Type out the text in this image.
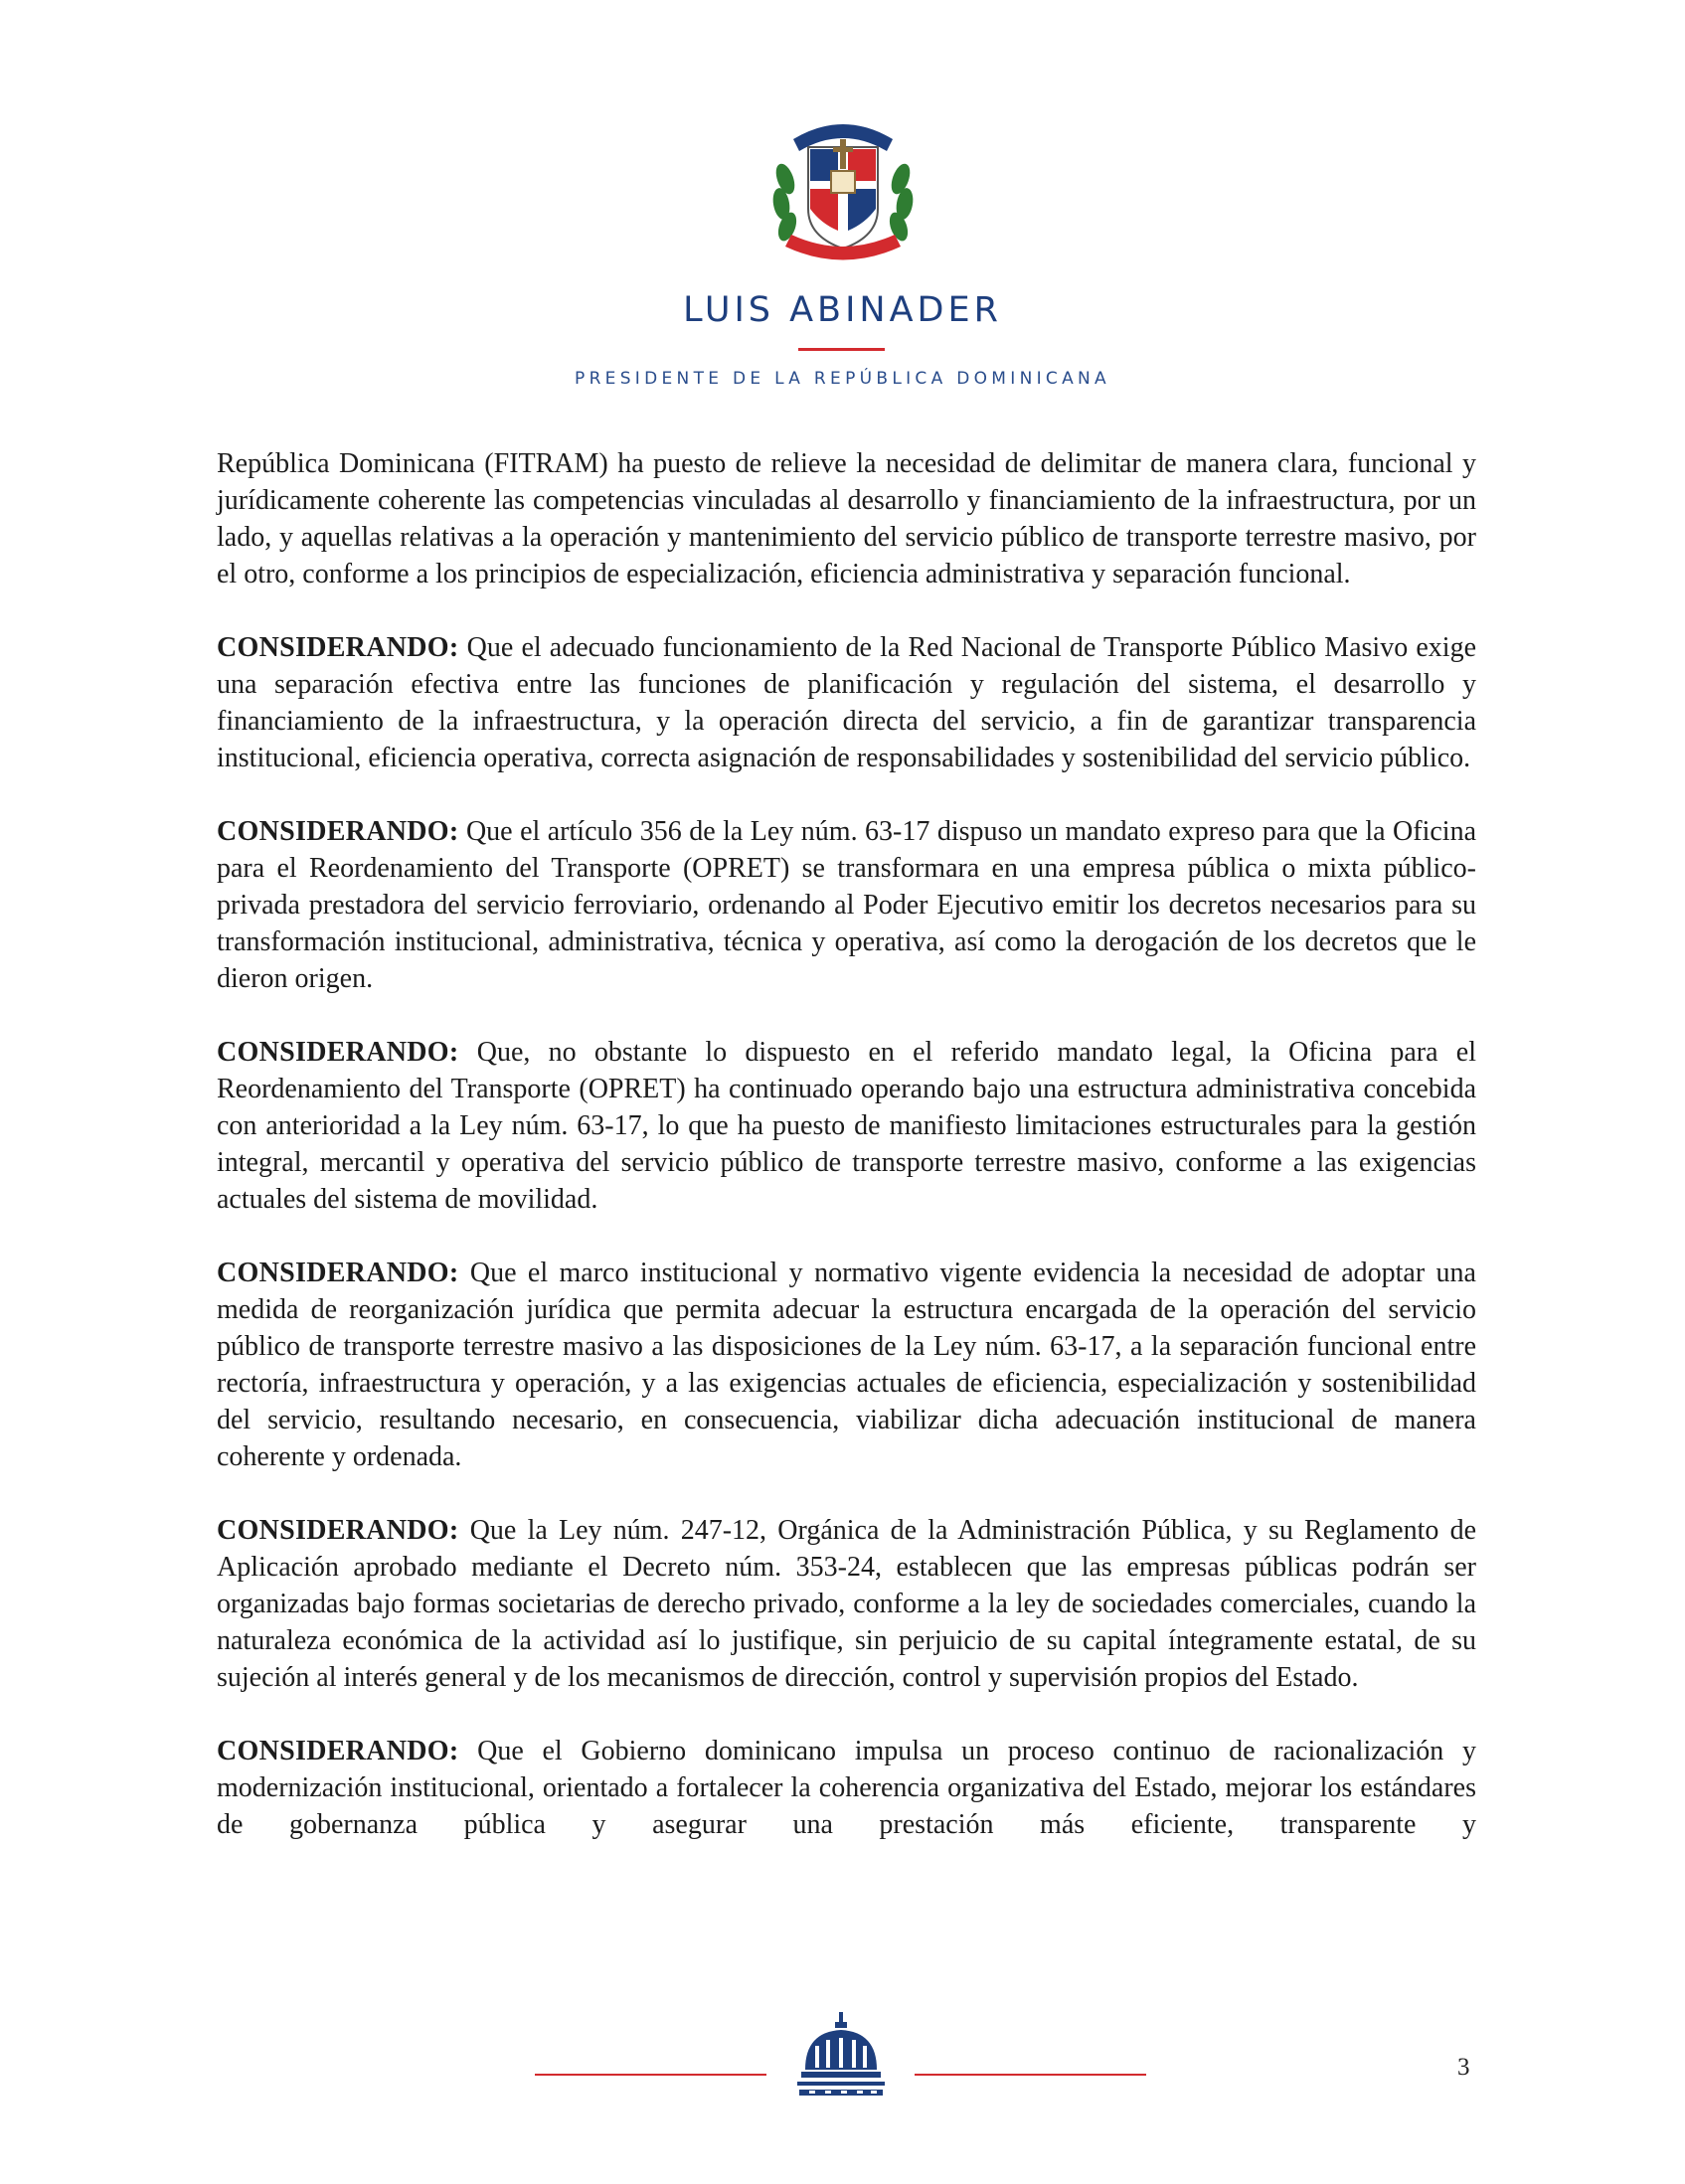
LUIS ABINADER
PRESIDENTE DE LA REPÚBLICA DOMINICANA

República Dominicana (FITRAM) ha puesto de relieve la necesidad de delimitar de manera clara, funcional y jurídicamente coherente las competencias vinculadas al desarrollo y financiamiento de la infraestructura, por un lado, y aquellas relativas a la operación y mantenimiento del servicio público de transporte terrestre masivo, por el otro, conforme a los principios de especialización, eficiencia administrativa y separación funcional.

CONSIDERANDO: Que el adecuado funcionamiento de la Red Nacional de Transporte Público Masivo exige una separación efectiva entre las funciones de planificación y regulación del sistema, el desarrollo y financiamiento de la infraestructura, y la operación directa del servicio, a fin de garantizar transparencia institucional, eficiencia operativa, correcta asignación de responsabilidades y sostenibilidad del servicio público.

CONSIDERANDO: Que el artículo 356 de la Ley núm. 63-17 dispuso un mandato expreso para que la Oficina para el Reordenamiento del Transporte (OPRET) se transformara en una empresa pública o mixta público-privada prestadora del servicio ferroviario, ordenando al Poder Ejecutivo emitir los decretos necesarios para su transformación institucional, administrativa, técnica y operativa, así como la derogación de los decretos que le dieron origen.

CONSIDERANDO: Que, no obstante lo dispuesto en el referido mandato legal, la Oficina para el Reordenamiento del Transporte (OPRET) ha continuado operando bajo una estructura administrativa concebida con anterioridad a la Ley núm. 63-17, lo que ha puesto de manifiesto limitaciones estructurales para la gestión integral, mercantil y operativa del servicio público de transporte terrestre masivo, conforme a las exigencias actuales del sistema de movilidad.

CONSIDERANDO: Que el marco institucional y normativo vigente evidencia la necesidad de adoptar una medida de reorganización jurídica que permita adecuar la estructura encargada de la operación del servicio público de transporte terrestre masivo a las disposiciones de la Ley núm. 63-17, a la separación funcional entre rectoría, infraestructura y operación, y a las exigencias actuales de eficiencia, especialización y sostenibilidad del servicio, resultando necesario, en consecuencia, viabilizar dicha adecuación institucional de manera coherente y ordenada.

CONSIDERANDO: Que la Ley núm. 247-12, Orgánica de la Administración Pública, y su Reglamento de Aplicación aprobado mediante el Decreto núm. 353-24, establecen que las empresas públicas podrán ser organizadas bajo formas societarias de derecho privado, conforme a la ley de sociedades comerciales, cuando la naturaleza económica de la actividad así lo justifique, sin perjuicio de su capital íntegramente estatal, de su sujeción al interés general y de los mecanismos de dirección, control y supervisión propios del Estado.

CONSIDERANDO: Que el Gobierno dominicano impulsa un proceso continuo de racionalización y modernización institucional, orientado a fortalecer la coherencia organizativa del Estado, mejorar los estándares de gobernanza pública y asegurar una prestación más eficiente, transparente y

3
